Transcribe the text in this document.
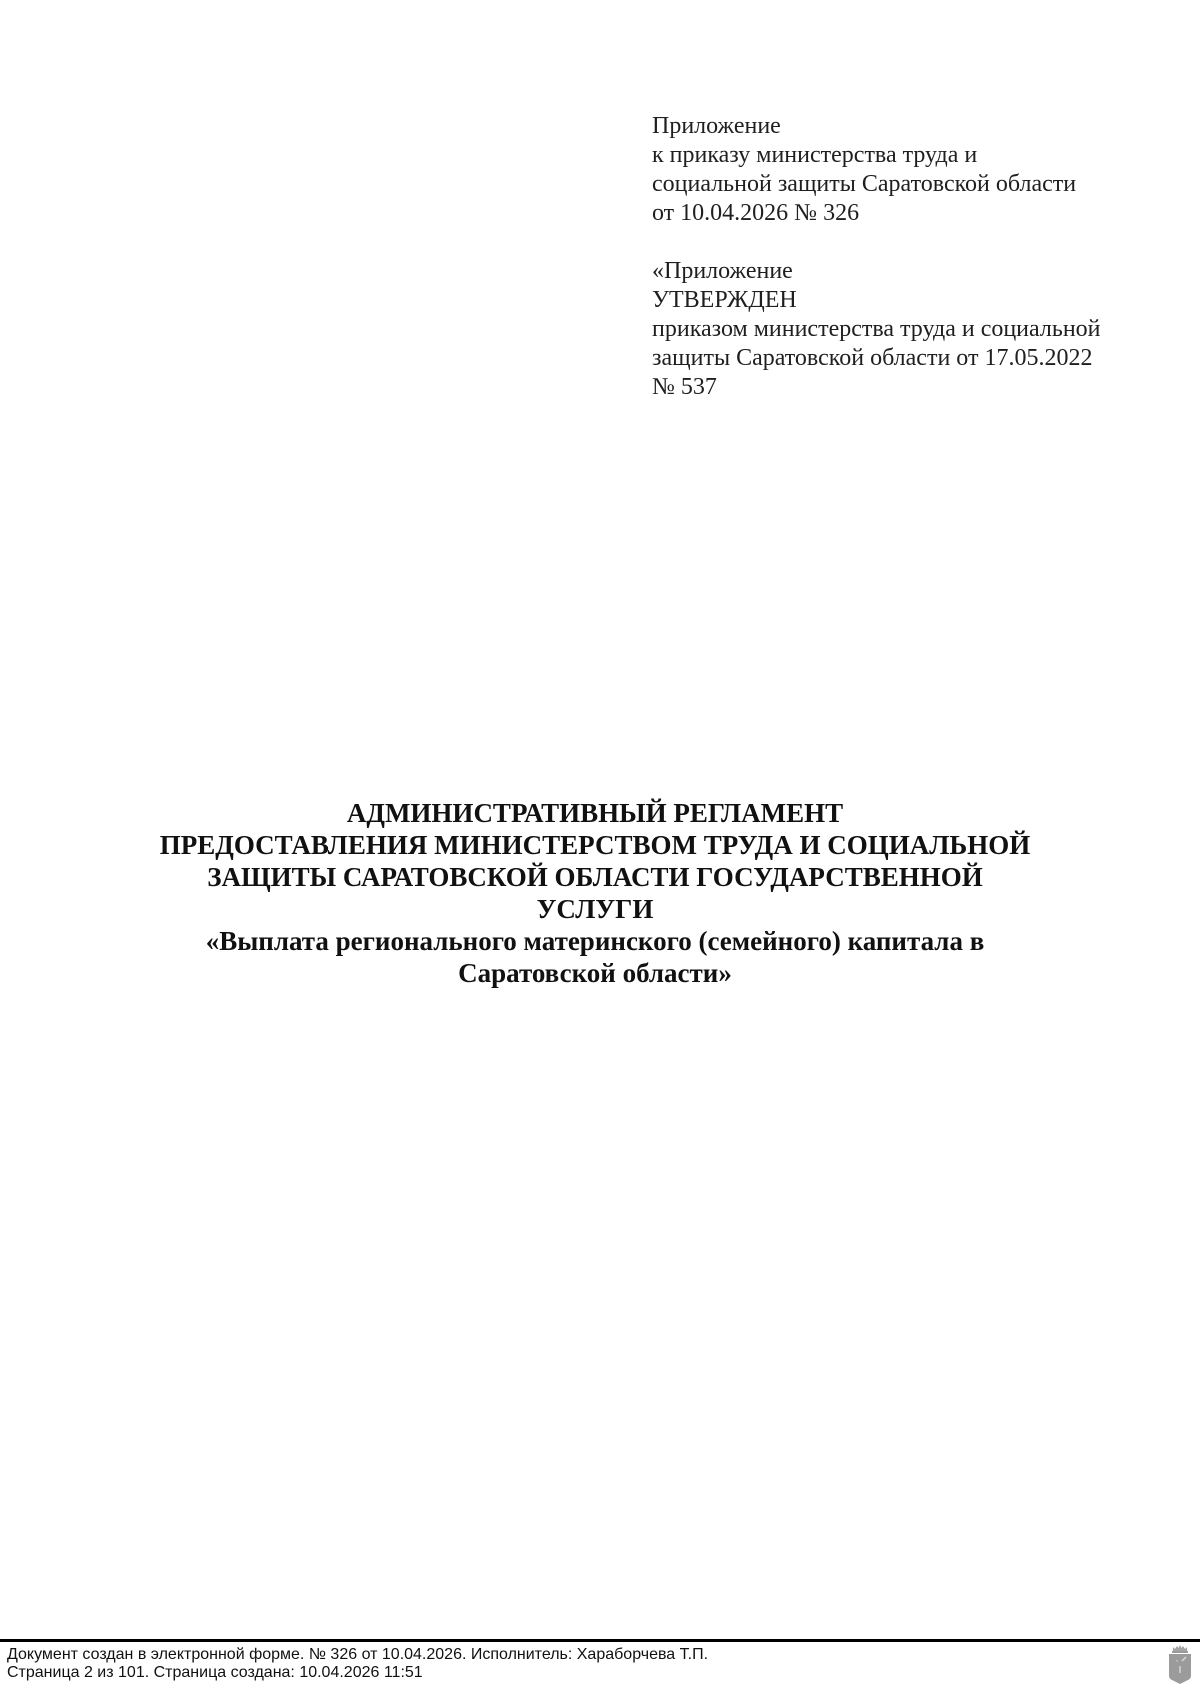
Приложение
к приказу министерства труда и
социальной защиты Саратовской области
от 10.04.2026 № 326

«Приложение
УТВЕРЖДЕН
приказом министерства труда и социальной
защиты Саратовской области от 17.05.2022
№ 537

АДМИНИСТРАТИВНЫЙ РЕГЛАМЕНТ
ПРЕДОСТАВЛЕНИЯ МИНИСТЕРСТВОМ ТРУДА И СОЦИАЛЬНОЙ
ЗАЩИТЫ САРАТОВСКОЙ ОБЛАСТИ ГОСУДАРСТВЕННОЙ
УСЛУГИ
«Выплата регионального материнского (семейного) капитала в
Саратовской области»
Документ создан в электронной форме. № 326 от 10.04.2026. Исполнитель: Хараборчева Т.П.
Страница 2 из 101. Страница создана: 10.04.2026 11:51
